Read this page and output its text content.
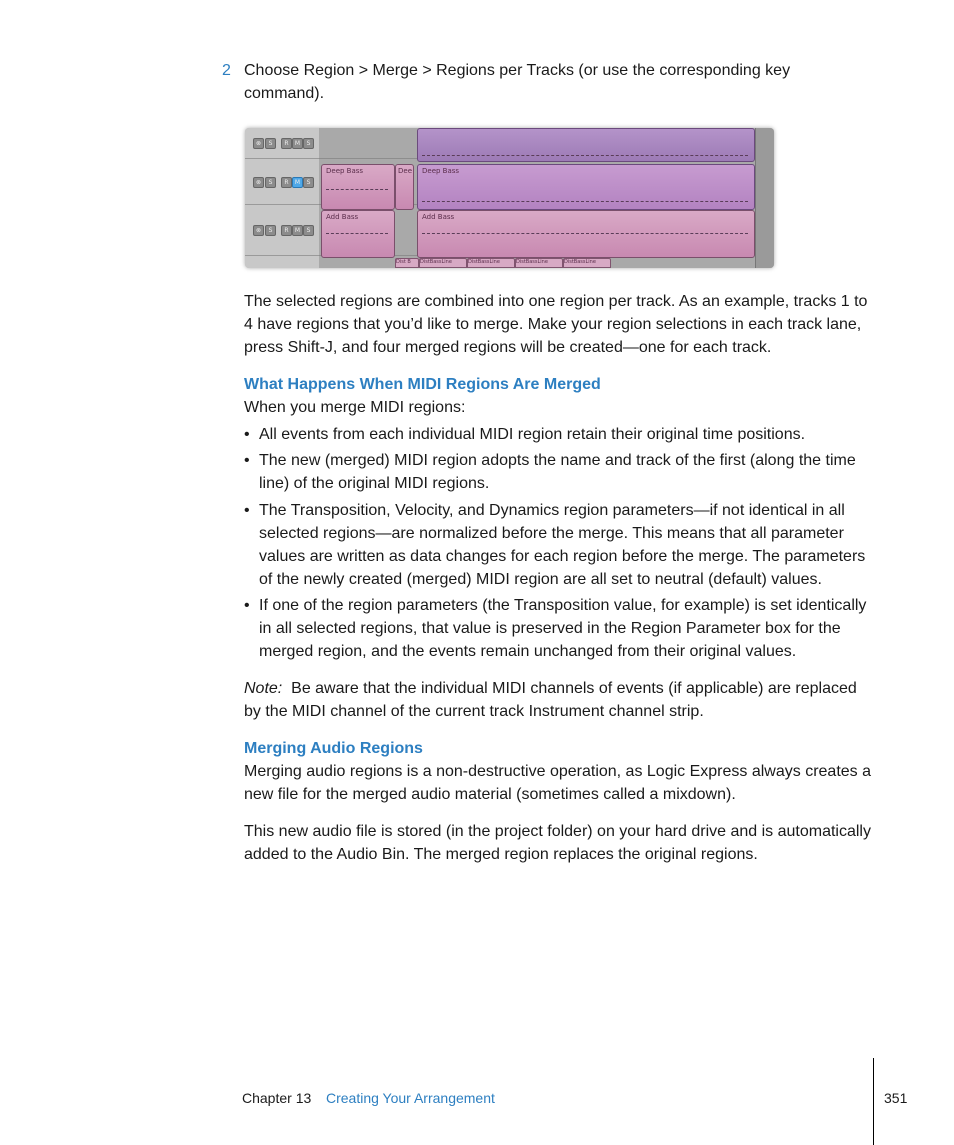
2 Choose Region > Merge > Regions per Tracks (or use the corresponding key command).

⊗	S	R	M	S
⊗	S	R	M	S
⊗	S	R	M	S
Deep Bass	Dee Deep Bass
Add Bass	Add Bass
Dist B	DistBassLine	DistBassLine	DistBassLine	DistBassLine

The selected regions are combined into one region per track. As an example, tracks 1 to 4 have regions that you’d like to merge. Make your region selections in each track lane, press Shift-J, and four merged regions will be created—one for each track.

What Happens When MIDI Regions Are Merged

When you merge MIDI regions:

• All events from each individual MIDI region retain their original time positions.
• The new (merged) MIDI region adopts the name and track of the first (along the time line) of the original MIDI regions.
• The Transposition, Velocity, and Dynamics region parameters—if not identical in all selected regions—are normalized before the merge. This means that all parameter values are written as data changes for each region before the merge. The parameters of the newly created (merged) MIDI region are all set to neutral (default) values.
• If one of the region parameters (the Transposition value, for example) is set identically in all selected regions, that value is preserved in the Region Parameter box for the merged region, and the events remain unchanged from their original values.

Note: Be aware that the individual MIDI channels of events (if applicable) are replaced by the MIDI channel of the current track Instrument channel strip.

Merging Audio Regions

Merging audio regions is a non-destructive operation, as Logic Express always creates a new file for the merged audio material (sometimes called a mixdown).

This new audio file is stored (in the project folder) on your hard drive and is automatically added to the Audio Bin. The merged region replaces the original regions.

Chapter 13 Creating Your Arrangement	351
